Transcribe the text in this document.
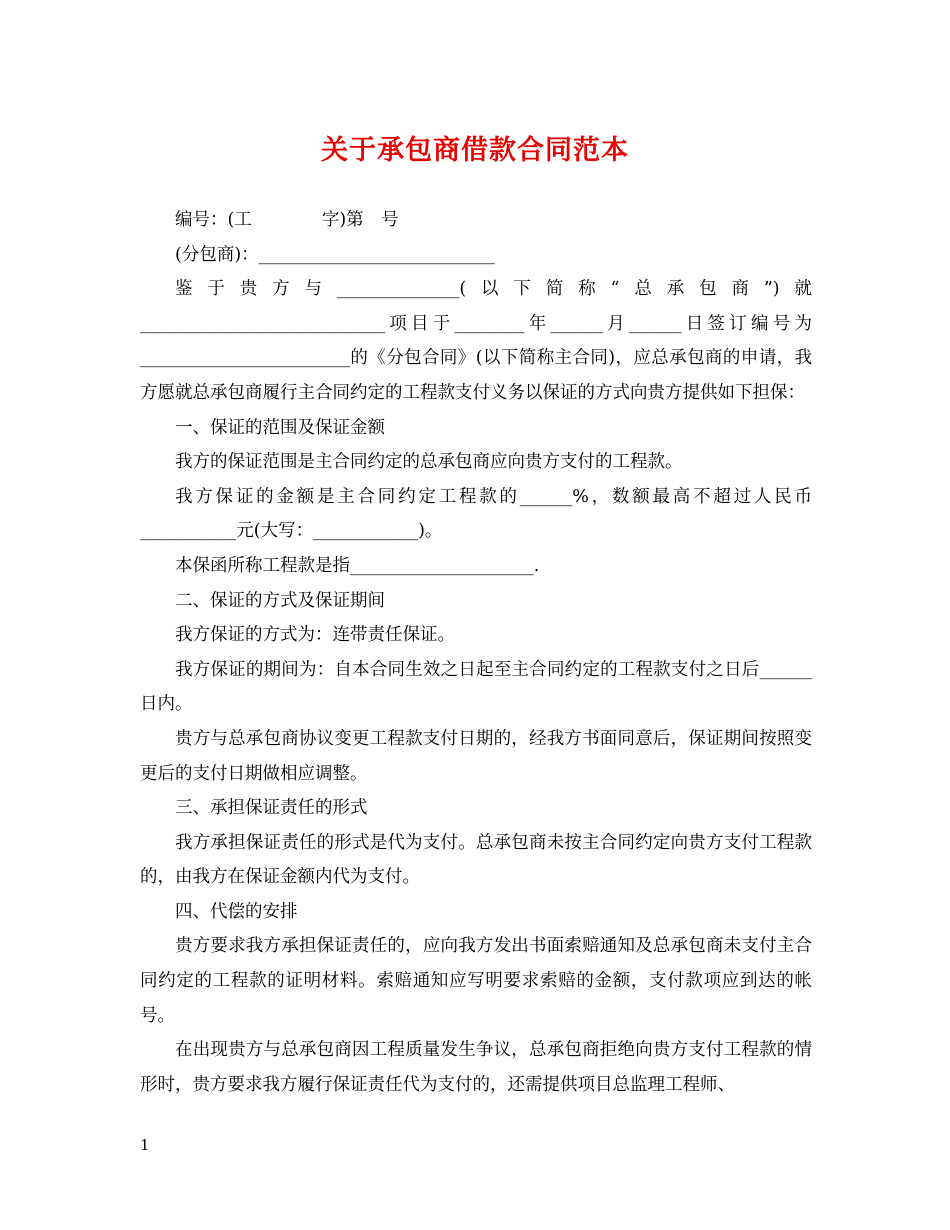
关于承包商借款合同范本

编号：(工　　　　字)第　号

(分包商)：___________________________

鉴于贵方与______________(以下简称“总承包商”)就____________________________项目于________年______月______日签订编号为________________________的《分包合同》(以下简称主合同)，应总承包商的申请，我方愿就总承包商履行主合同约定的工程款支付义务以保证的方式向贵方提供如下担保：

一、保证的范围及保证金额

我方的保证范围是主合同约定的总承包商应向贵方支付的工程款。

我方保证的金额是主合同约定工程款的______%，数额最高不超过人民币___________元(大写：____________)。

本保函所称工程款是指_____________________.

二、保证的方式及保证期间

我方保证的方式为：连带责任保证。

我方保证的期间为：自本合同生效之日起至主合同约定的工程款支付之日后______日内。

贵方与总承包商协议变更工程款支付日期的，经我方书面同意后，保证期间按照变更后的支付日期做相应调整。

三、承担保证责任的形式

我方承担保证责任的形式是代为支付。总承包商未按主合同约定向贵方支付工程款的，由我方在保证金额内代为支付。

四、代偿的安排

贵方要求我方承担保证责任的，应向我方发出书面索赔通知及总承包商未支付主合同约定的工程款的证明材料。索赔通知应写明要求索赔的金额，支付款项应到达的帐号。

在出现贵方与总承包商因工程质量发生争议，总承包商拒绝向贵方支付工程款的情形时，贵方要求我方履行保证责任代为支付的，还需提供项目总监理工程师、

1
